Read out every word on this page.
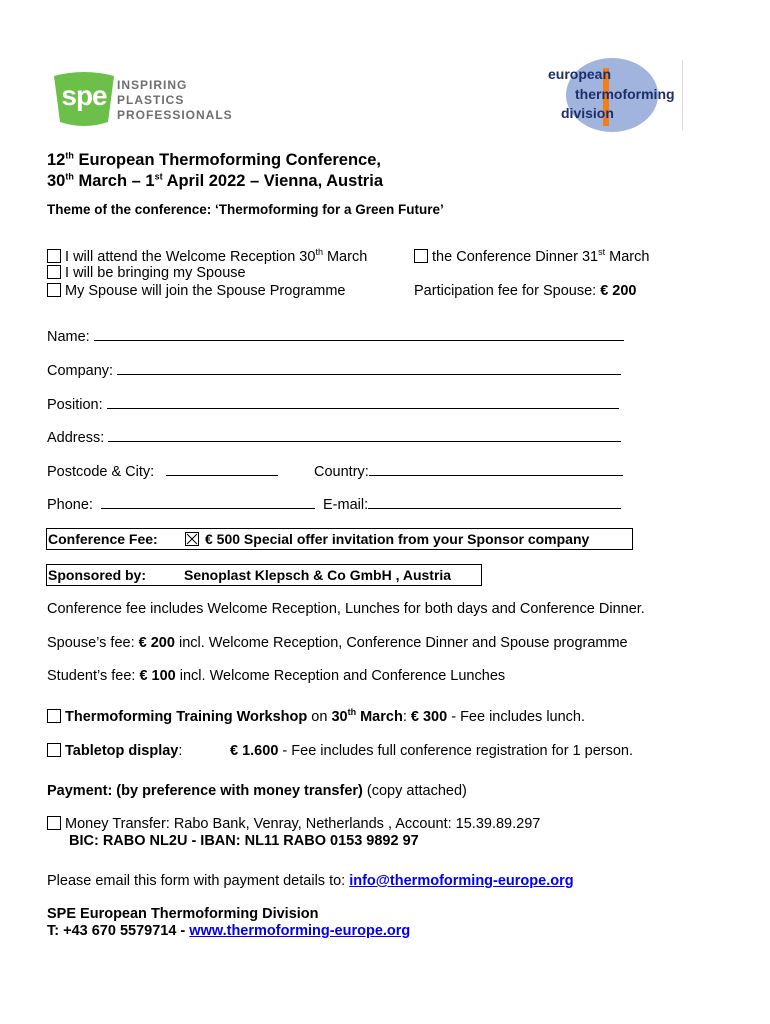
spe INSPIRING
PLASTICS
PROFESSIONALS
european
thermoforming
division
12th European Thermoforming Conference,
30th March – 1st April 2022 – Vienna, Austria
Theme of the conference: ‘Thermoforming for a Green Future’
I will attend the Welcome Reception 30th March	the Conference Dinner 31st March
I will be bringing my Spouse
My Spouse will join the Spouse Programme	Participation fee for Spouse: € 200
Name:
Company:
Position:
Address:
Postcode & City:	Country:
Phone:	E-mail:
Conference Fee:	€ 500 Special offer invitation from your Sponsor company
Sponsored by:	Senoplast Klepsch & Co GmbH , Austria
Conference fee includes Welcome Reception, Lunches for both days and Conference Dinner.
Spouse’s fee: € 200 incl. Welcome Reception, Conference Dinner and Spouse programme
Student’s fee: € 100 incl. Welcome Reception and Conference Lunches
Thermoforming Training Workshop on 30th March: € 300 - Fee includes lunch.
Tabletop display:	€ 1.600 - Fee includes full conference registration for 1 person.
Payment: (by preference with money transfer) (copy attached)
Money Transfer: Rabo Bank, Venray, Netherlands , Account: 15.39.89.297
BIC: RABO NL2U - IBAN: NL11 RABO 0153 9892 97
Please email this form with payment details to: info@thermoforming-europe.org
SPE European Thermoforming Division
T: +43 670 5579714 - www.thermoforming-europe.org
